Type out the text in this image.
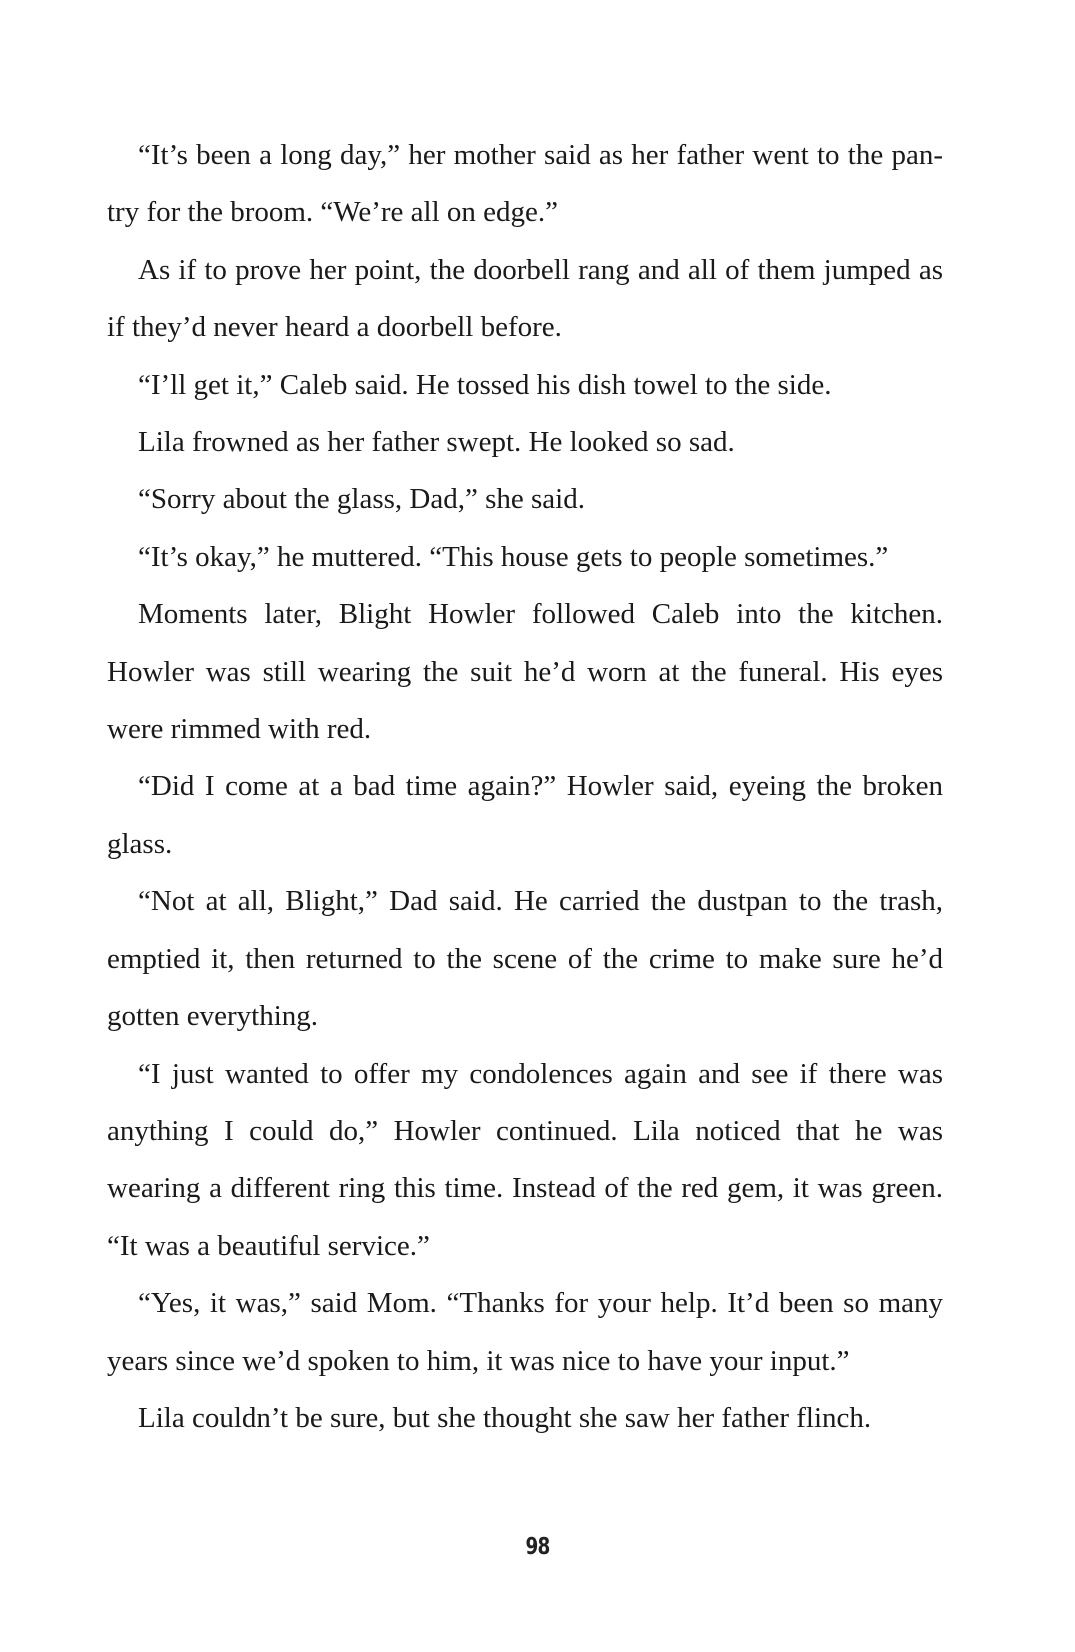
“It’s been a long day,” her mother said as her father went to the pantry for the broom. “We’re all on edge.”

As if to prove her point, the doorbell rang and all of them jumped as if they’d never heard a doorbell before.

“I’ll get it,” Caleb said. He tossed his dish towel to the side.

Lila frowned as her father swept. He looked so sad.

“Sorry about the glass, Dad,” she said.

“It’s okay,” he muttered. “This house gets to people sometimes.”

Moments later, Blight Howler followed Caleb into the kitchen. Howler was still wearing the suit he’d worn at the funeral. His eyes were rimmed with red.

“Did I come at a bad time again?” Howler said, eyeing the broken glass.

“Not at all, Blight,” Dad said. He carried the dustpan to the trash, emptied it, then returned to the scene of the crime to make sure he’d gotten everything.

“I just wanted to offer my condolences again and see if there was anything I could do,” Howler continued. Lila noticed that he was wearing a different ring this time. Instead of the red gem, it was green. “It was a beautiful service.”

“Yes, it was,” said Mom. “Thanks for your help. It’d been so many years since we’d spoken to him, it was nice to have your input.”

Lila couldn’t be sure, but she thought she saw her father flinch.

98
